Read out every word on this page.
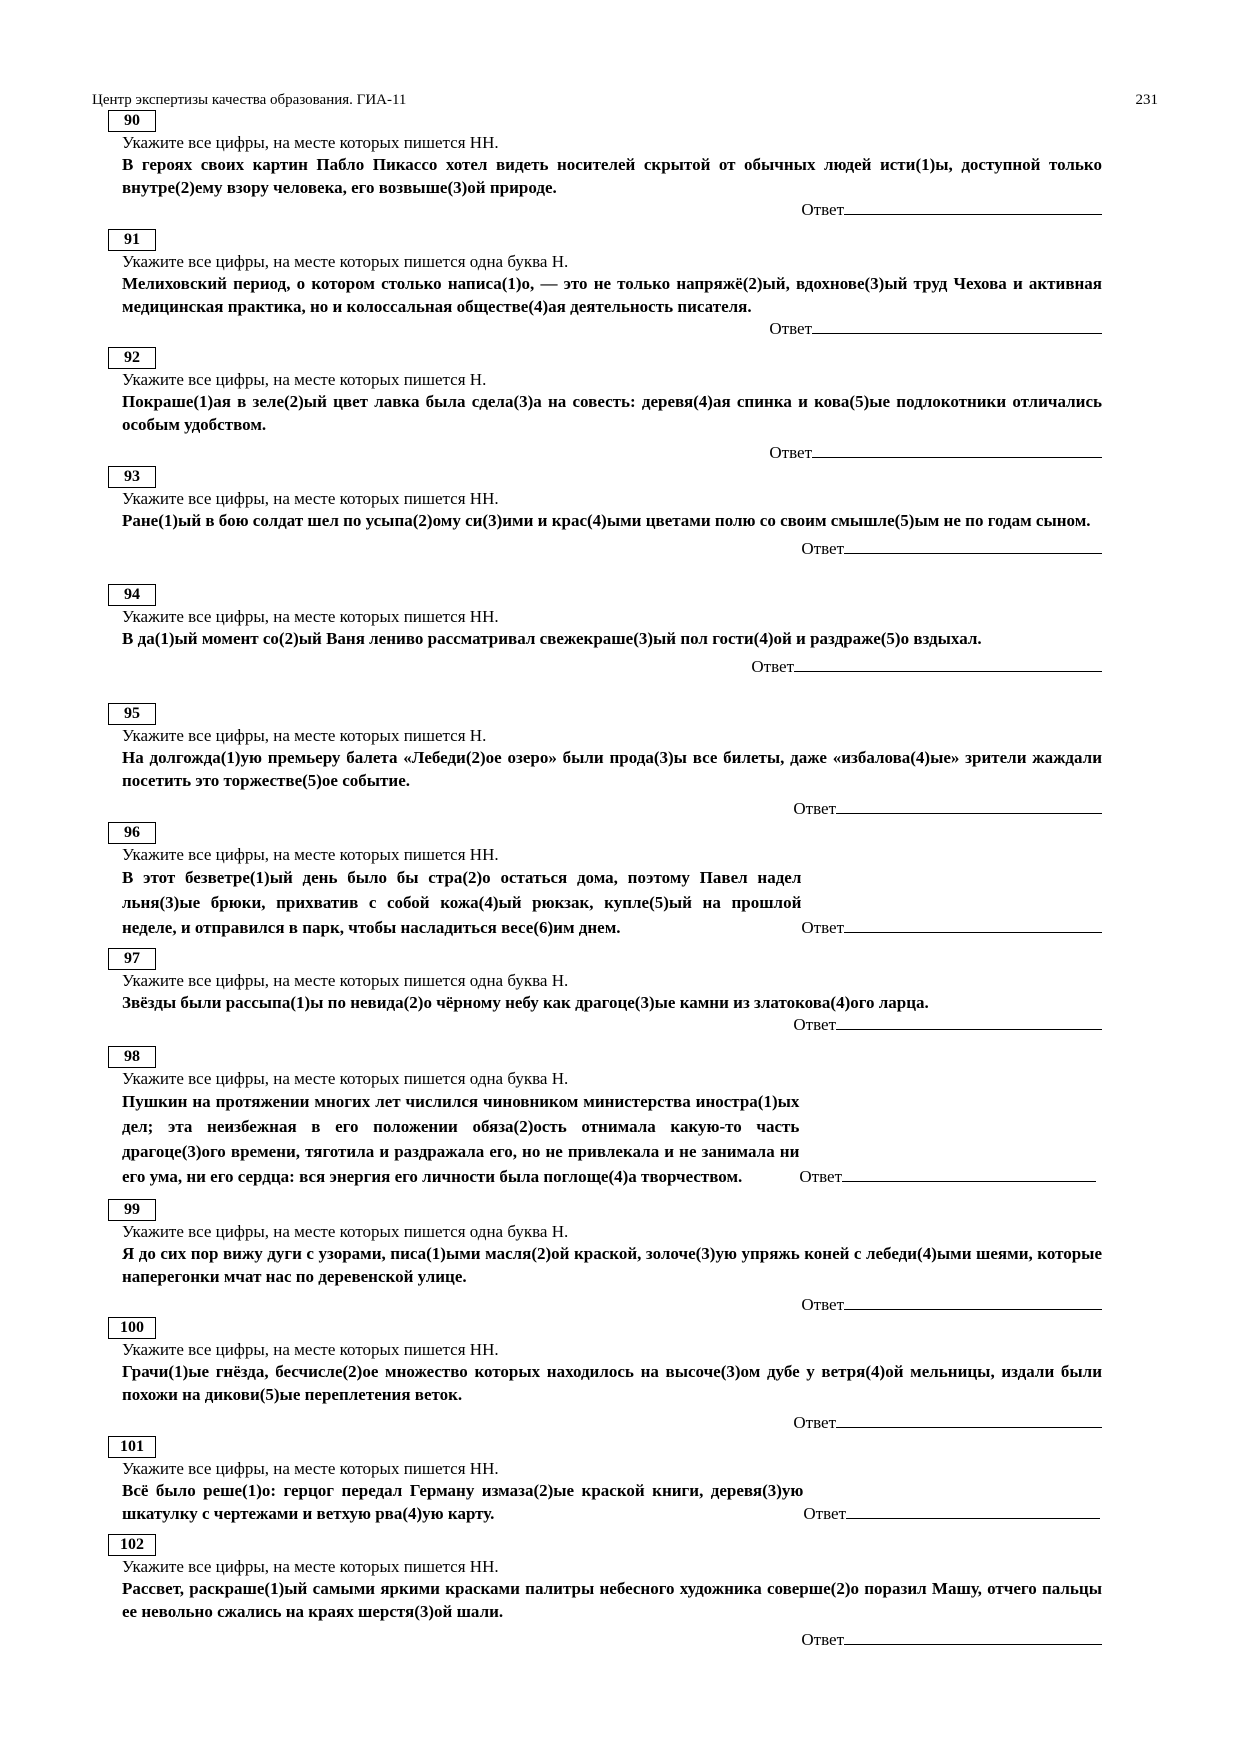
Центр экспертизы качества образования. ГИА-11	231
90
Укажите все цифры, на месте которых пишется НН.
В героях своих картин Пабло Пикассо хотел видеть носителей скрытой от обычных людей исти(1)ы, доступной только внутре(2)ему взору человека, его возвыше(3)ой природе.
Ответ
91
Укажите все цифры, на месте которых пишется одна буква Н.
Мелиховский период, о котором столько написа(1)о, — это не только напряжё(2)ый, вдохнове(3)ый труд Чехова и активная медицинская практика, но и колоссальная обществе(4)ая деятельность писателя.
Ответ
92
Укажите все цифры, на месте которых пишется Н.
Покраше(1)ая в зеле(2)ый цвет лавка была сдела(3)а на совесть: деревя(4)ая спинка и кова(5)ые подлокотники отличались особым удобством.
Ответ
93
Укажите все цифры, на месте которых пишется НН.
Ране(1)ый в бою солдат шел по усыпа(2)ому си(3)ими и крас(4)ыми цветами полю со своим смышле(5)ым не по годам сыном.
Ответ
94
Укажите все цифры, на месте которых пишется НН.
В да(1)ый момент со(2)ый Ваня лениво рассматривал свежекраше(3)ый пол гости(4)ой и раздраже(5)о вздыхал.
Ответ
95
Укажите все цифры, на месте которых пишется Н.
На долгожда(1)ую премьеру балета «Лебеди(2)ое озеро» были прода(3)ы все билеты, даже «избалова(4)ые» зрители жаждали посетить это торжестве(5)ое событие.
Ответ
96
Укажите все цифры, на месте которых пишется НН.
Ответ
В этот безветре(1)ый день было бы стра(2)о остаться дома, поэтому Павел надел льня(3)ые брюки, прихватив с собой кожа(4)ый рюкзак, купле(5)ый на прошлой неделе, и отправился в парк, чтобы насладиться весе(6)им днем.
97
Укажите все цифры, на месте которых пишется одна буква Н.
Звёзды были рассыпа(1)ы по невида(2)о чёрному небу как драгоце(3)ые камни из златокова(4)ого ларца.
Ответ
98
Укажите все цифры, на месте которых пишется одна буква Н.
Ответ
Пушкин на протяжении многих лет числился чиновником министерства иностра(1)ых дел; эта неизбежная в его положении обяза(2)ость отнимала какую-то часть драгоце(3)ого времени, тяготила и раздражала его, но не привлекала и не занимала ни его ума, ни его сердца: вся энергия его личности была поглоще(4)а творчеством.
99
Укажите все цифры, на месте которых пишется одна буква Н.
Я до сих пор вижу дуги с узорами, писа(1)ыми масля(2)ой краской, золоче(3)ую упряжь коней с лебеди(4)ыми шеями, которые наперегонки мчат нас по деревенской улице.
Ответ
100
Укажите все цифры, на месте которых пишется НН.
Грачи(1)ые гнёзда, бесчисле(2)ое множество которых находилось на высоче(3)ом дубе у ветря(4)ой мельницы, издали были похожи на дикови(5)ые переплетения веток.
Ответ
101
Укажите все цифры, на месте которых пишется НН.
Ответ
Всё было реше(1)о: герцог передал Герману измаза(2)ые краской книги, деревя(3)ую шкатулку с чертежами и ветхую рва(4)ую карту.
102
Укажите все цифры, на месте которых пишется НН.
Рассвет, раскраше(1)ый самыми яркими красками палитры небесного художника соверше(2)о поразил Машу, отчего пальцы ее невольно сжались на краях шерстя(3)ой шали.
Ответ
